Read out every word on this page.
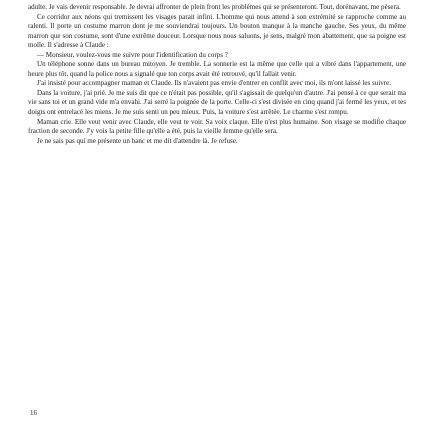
adulte. Je vais devenir responsable. Je devrai affronter de plein front les problèmes qui se présenteront. Tout, dorénavant, me pèsera.

Ce corridor aux néons qui tremissent les visages parait infini. L'homme qui nous attend à son extrémité se rapproche comme au ralenti. Il porte un costume marron dont je me souviendrai toujours. Un bouton manque à la manche gauche. Ses yeux, du même marron que son costume, sont d'une extrême douceur. Lorsque nous nous saluons, je sens, malgré mon abattement, que sa poigne est molle. Il s'adresse à Claude :

— Monsieur, voulez-vous me suivre pour l'identification du corps ?

Un téléphone sonne dans un bureau mitoyen. Je tremble. La sonnerie est la même que celle qui a vibré dans l'appartement, une heure plus tôt, quand la police nous a signalé que ton corps avait été retrouvé, qu'il fallait venir.

J'ai insisté pour accompagner maman et Claude. Ils n'avaient pas envie d'entrer en conflit avec moi, ils m'ont laissé les suivre.

Dans la voiture, j'ai prié. Je me suis dit que ce n'était pas possible, qu'il s'agissait de quelqu'un d'autre. J'ai pensé à ce que serait ma vie sans toi et un grand vide m'a envahi. J'ai serré la poignée de la porte. Celle-ci s'est divisée en cinq quand j'ai fermé les yeux, et tes doigts ont entrelacé les miens. Je me suis senti un peu mieux. Puis, la voiture s'est arrêtée. Le charme s'est rompu.

Maman crie. Elle veut venir avec Claude, elle veut te voir. Sa voix claque. Elle n'est plus humaine. Son visage se modifie chaque fraction de seconde. J'y vois la petite fille qu'elle a été, puis la vieille femme qu'elle sera.

Je ne sais pas qui me présente un banc et me dit d'attendre là. Je refuse.

16
